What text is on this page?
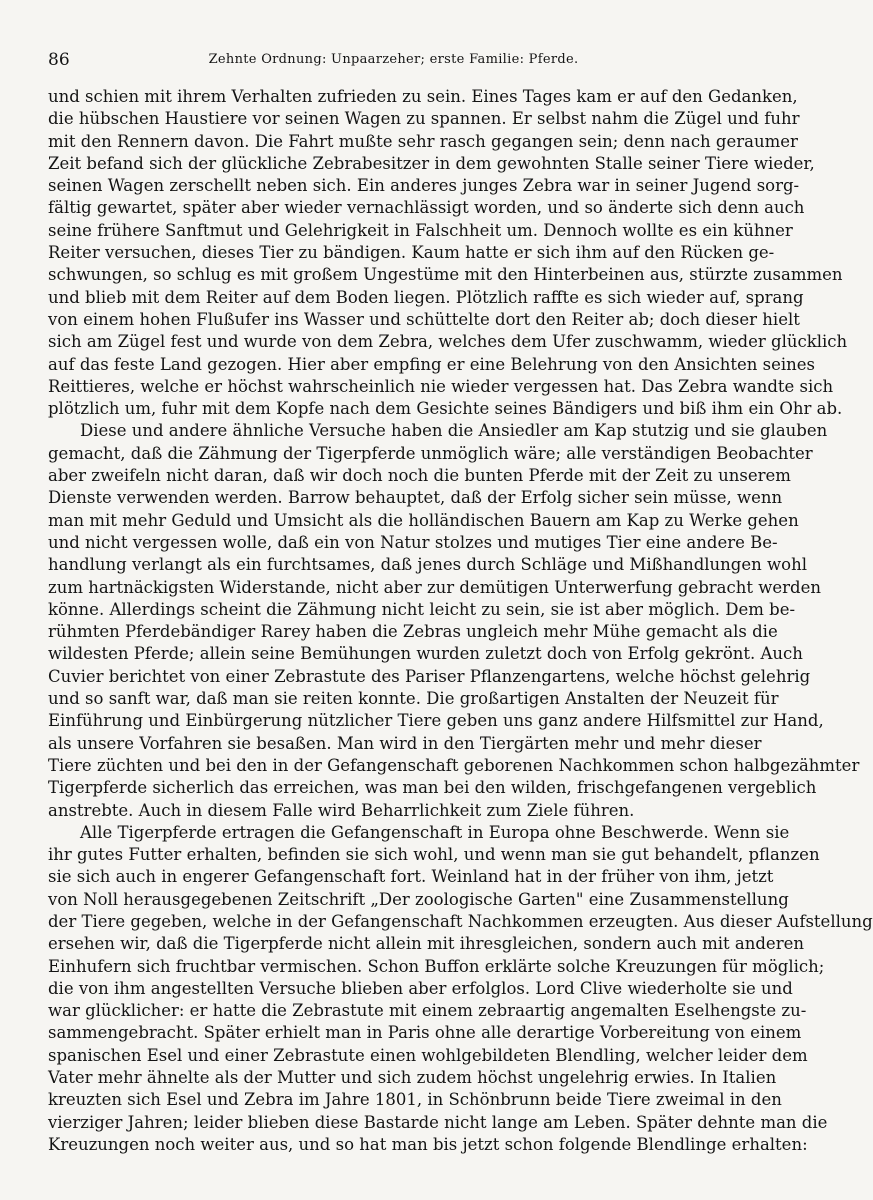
86	Zehnte Ordnung: Unpaarzeher; erste Familie: Pferde.

und schien mit ihrem Verhalten zufrieden zu sein. Eines Tages kam er auf den Gedanken,
die hübschen Haustiere vor seinen Wagen zu spannen. Er selbst nahm die Zügel und fuhr
mit den Rennern davon. Die Fahrt mußte sehr rasch gegangen sein; denn nach geraumer
Zeit befand sich der glückliche Zebrabesitzer in dem gewohnten Stalle seiner Tiere wieder,
seinen Wagen zerschellt neben sich. Ein anderes junges Zebra war in seiner Jugend sorg-
fältig gewartet, später aber wieder vernachlässigt worden, und so änderte sich denn auch
seine frühere Sanftmut und Gelehrigkeit in Falschheit um. Dennoch wollte es ein kühner
Reiter versuchen, dieses Tier zu bändigen. Kaum hatte er sich ihm auf den Rücken ge-
schwungen, so schlug es mit großem Ungestüme mit den Hinterbeinen aus, stürzte zusammen
und blieb mit dem Reiter auf dem Boden liegen. Plötzlich raffte es sich wieder auf, sprang
von einem hohen Flußufer ins Wasser und schüttelte dort den Reiter ab; doch dieser hielt
sich am Zügel fest und wurde von dem Zebra, welches dem Ufer zuschwamm, wieder glücklich
auf das feste Land gezogen. Hier aber empfing er eine Belehrung von den Ansichten seines
Reittieres, welche er höchst wahrscheinlich nie wieder vergessen hat. Das Zebra wandte sich
plötzlich um, fuhr mit dem Kopfe nach dem Gesichte seines Bändigers und biß ihm ein Ohr ab.

Diese und andere ähnliche Versuche haben die Ansiedler am Kap stutzig und sie glauben
gemacht, daß die Zähmung der Tigerpferde unmöglich wäre; alle verständigen Beobachter
aber zweifeln nicht daran, daß wir doch noch die bunten Pferde mit der Zeit zu unserem
Dienste verwenden werden. Barrow behauptet, daß der Erfolg sicher sein müsse, wenn
man mit mehr Geduld und Umsicht als die holländischen Bauern am Kap zu Werke gehen
und nicht vergessen wolle, daß ein von Natur stolzes und mutiges Tier eine andere Be-
handlung verlangt als ein furchtsames, daß jenes durch Schläge und Mißhandlungen wohl
zum hartnäckigsten Widerstande, nicht aber zur demütigen Unterwerfung gebracht werden
könne. Allerdings scheint die Zähmung nicht leicht zu sein, sie ist aber möglich. Dem be-
rühmten Pferdebändiger Rarey haben die Zebras ungleich mehr Mühe gemacht als die
wildesten Pferde; allein seine Bemühungen wurden zuletzt doch von Erfolg gekrönt. Auch
Cuvier berichtet von einer Zebrastute des Pariser Pflanzengartens, welche höchst gelehrig
und so sanft war, daß man sie reiten konnte. Die großartigen Anstalten der Neuzeit für
Einführung und Einbürgerung nützlicher Tiere geben uns ganz andere Hilfsmittel zur Hand,
als unsere Vorfahren sie besaßen. Man wird in den Tiergärten mehr und mehr dieser
Tiere züchten und bei den in der Gefangenschaft geborenen Nachkommen schon halbgezähmter
Tigerpferde sicherlich das erreichen, was man bei den wilden, frischgefangenen vergeblich
anstrebte. Auch in diesem Falle wird Beharrlichkeit zum Ziele führen.

Alle Tigerpferde ertragen die Gefangenschaft in Europa ohne Beschwerde. Wenn sie
ihr gutes Futter erhalten, befinden sie sich wohl, und wenn man sie gut behandelt, pflanzen
sie sich auch in engerer Gefangenschaft fort. Weinland hat in der früher von ihm, jetzt
von Noll herausgegebenen Zeitschrift „Der zoologische Garten" eine Zusammenstellung
der Tiere gegeben, welche in der Gefangenschaft Nachkommen erzeugten. Aus dieser Aufstellung
ersehen wir, daß die Tigerpferde nicht allein mit ihresgleichen, sondern auch mit anderen
Einhufern sich fruchtbar vermischen. Schon Buffon erklärte solche Kreuzungen für möglich;
die von ihm angestellten Versuche blieben aber erfolglos. Lord Clive wiederholte sie und
war glücklicher: er hatte die Zebrastute mit einem zebraartig angemalten Eselhengste zu-
sammengebracht. Später erhielt man in Paris ohne alle derartige Vorbereitung von einem
spanischen Esel und einer Zebrastute einen wohlgebildeten Blendling, welcher leider dem
Vater mehr ähnelte als der Mutter und sich zudem höchst ungelehrig erwies. In Italien
kreuzten sich Esel und Zebra im Jahre 1801, in Schönbrunn beide Tiere zweimal in den
vierziger Jahren; leider blieben diese Bastarde nicht lange am Leben. Später dehnte man die
Kreuzungen noch weiter aus, und so hat man bis jetzt schon folgende Blendlinge erhalten:
